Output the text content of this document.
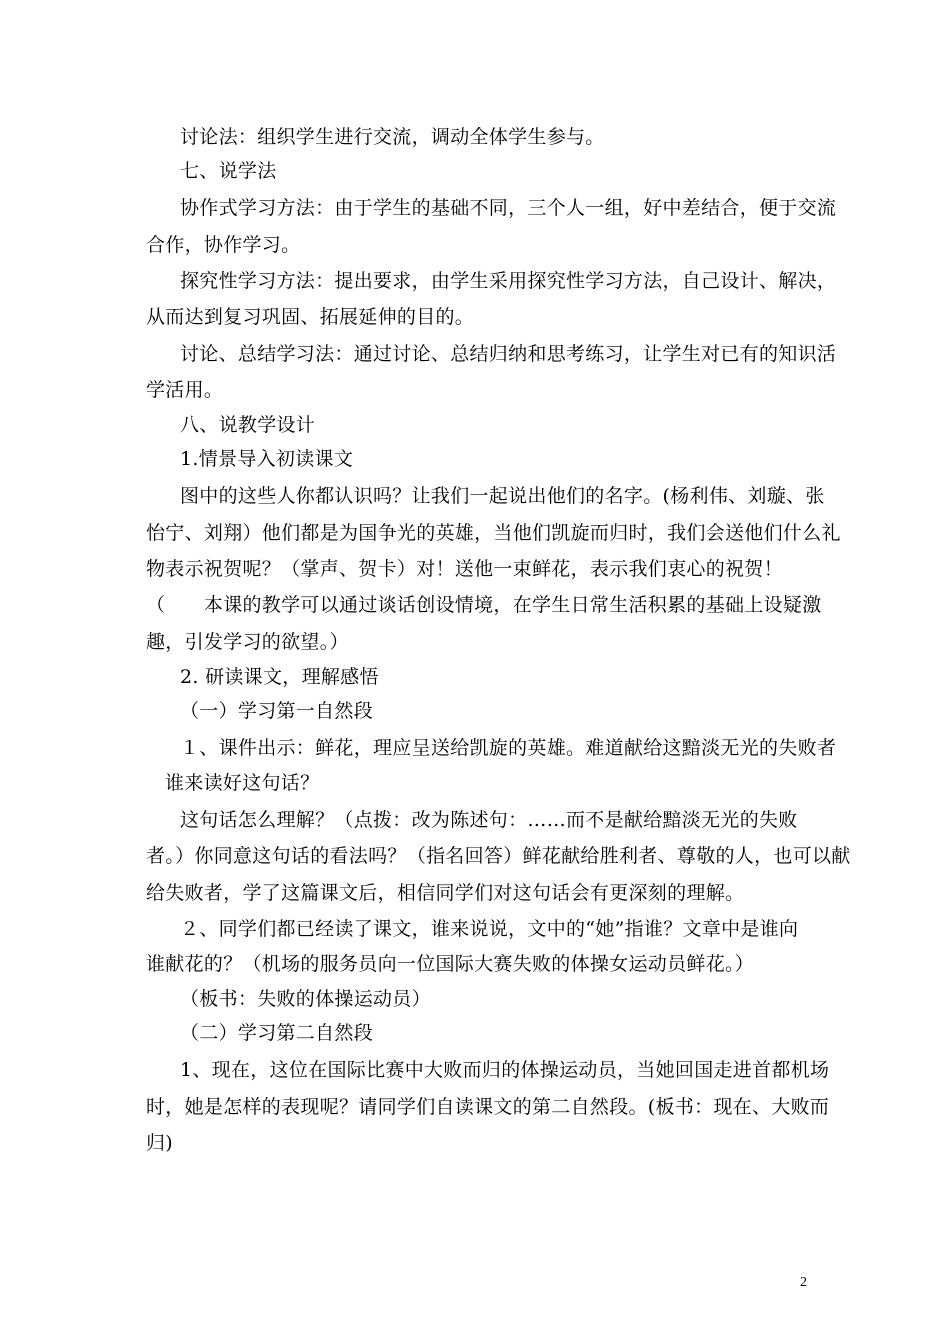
讨论法：组织学生进行交流，调动全体学生参与。
七、说学法
协作式学习方法：由于学生的基础不同，三个人一组，好中差结合，便于交流
合作，协作学习。
探究性学习方法：提出要求，由学生采用探究性学习方法，自己设计、解决，
从而达到复习巩固、拓展延伸的目的。
讨论、总结学习法：通过讨论、总结归纳和思考练习，让学生对已有的知识活
学活用。
八、说教学设计
1.情景导入初读课文
图中的这些人你都认识吗？让我们一起说出他们的名字。(杨利伟、刘璇、张
怡宁、刘翔）他们都是为国争光的英雄，当他们凯旋而归时，我们会送他们什么礼
物表示祝贺呢？（掌声、贺卡）对！送他一束鲜花，表示我们衷心的祝贺！
（　　本课的教学可以通过谈话创设情境，在学生日常生活积累的基础上设疑激
趣，引发学习的欲望。）
2. 研读课文，理解感悟
（一）学习第一自然段
１、课件出示：鲜花，理应呈送给凯旋的英雄。难道献给这黯淡无光的失败者
谁来读好这句话？
这句话怎么理解？（点拨：改为陈述句：……而不是献给黯淡无光的失败
者。）你同意这句话的看法吗？（指名回答）鲜花献给胜利者、尊敬的人，也可以献
给失败者，学了这篇课文后，相信同学们对这句话会有更深刻的理解。
２、同学们都已经读了课文，谁来说说，文中的“她”指谁？文章中是谁向
谁献花的？（机场的服务员向一位国际大赛失败的体操女运动员鲜花。）
（板书：失败的体操运动员）
（二）学习第二自然段
1、现在，这位在国际比赛中大败而归的体操运动员，当她回国走进首都机场
时，她是怎样的表现呢？请同学们自读课文的第二自然段。(板书：现在、大败而
归)
2
